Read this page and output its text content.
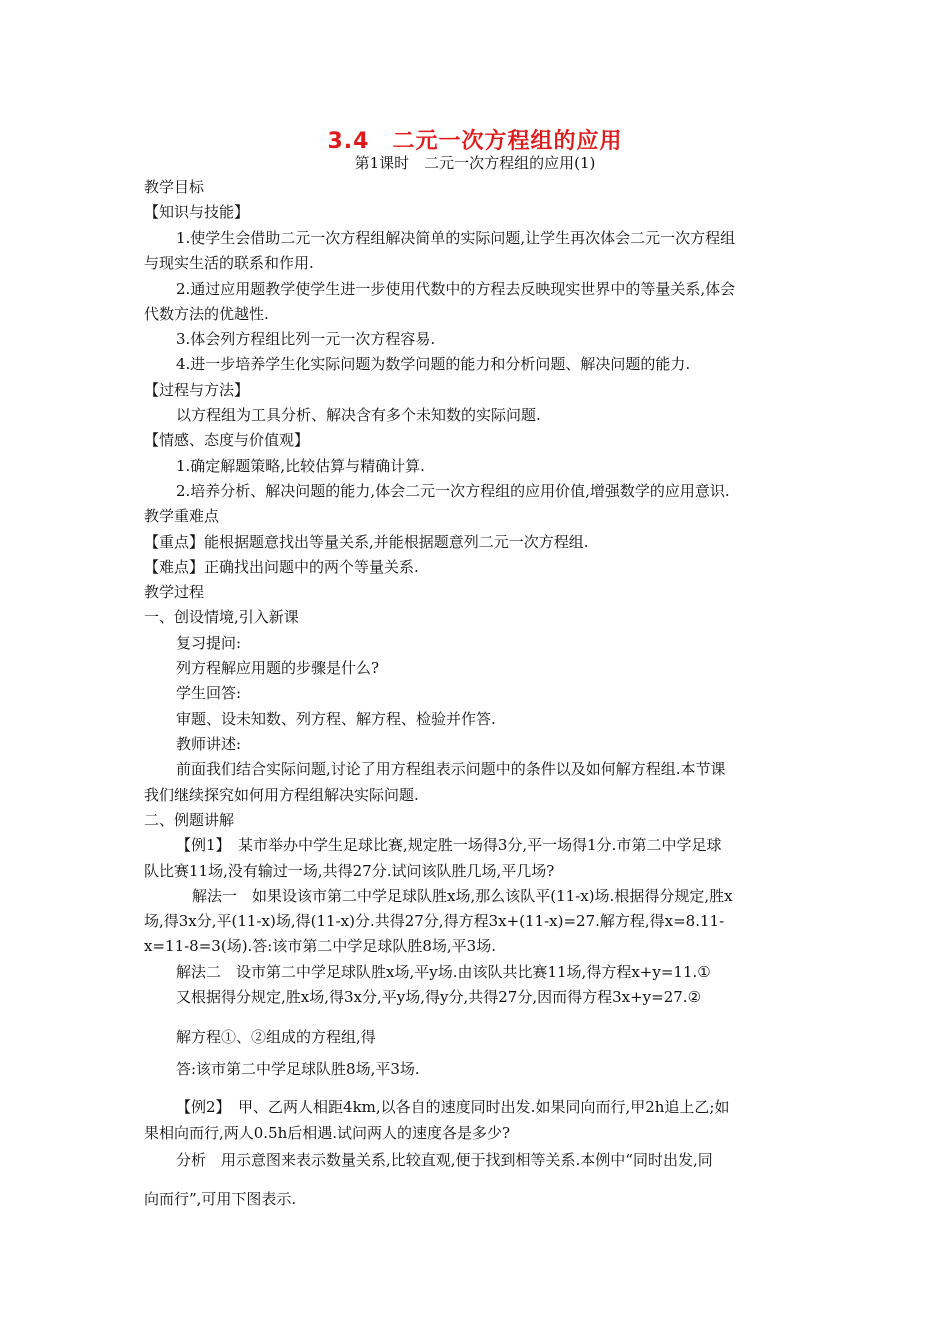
3.4　二元一次方程组的应用
第1课时　二元一次方程组的应用(1)
教学目标
【知识与技能】
1.使学生会借助二元一次方程组解决简单的实际问题,让学生再次体会二元一次方程组
与现实生活的联系和作用.
2.通过应用题教学使学生进一步使用代数中的方程去反映现实世界中的等量关系,体会
代数方法的优越性.
3.体会列方程组比列一元一次方程容易.
4.进一步培养学生化实际问题为数学问题的能力和分析问题、解决问题的能力.
【过程与方法】
以方程组为工具分析、解决含有多个未知数的实际问题.
【情感、态度与价值观】
1.确定解题策略,比较估算与精确计算.
2.培养分析、解决问题的能力,体会二元一次方程组的应用价值,增强数学的应用意识.
教学重难点
【重点】能根据题意找出等量关系,并能根据题意列二元一次方程组.
【难点】正确找出问题中的两个等量关系.
教学过程
一、创设情境,引入新课
复习提问:
列方程解应用题的步骤是什么?
学生回答:
审题、设未知数、列方程、解方程、检验并作答.
教师讲述:
前面我们结合实际问题,讨论了用方程组表示问题中的条件以及如何解方程组.本节课
我们继续探究如何用方程组解决实际问题.
二、例题讲解
【例1】　某市举办中学生足球比赛,规定胜一场得3分,平一场得1分.市第二中学足球
队比赛11场,没有输过一场,共得27分.试问该队胜几场,平几场?
解法一　如果设该市第二中学足球队胜x场,那么该队平(11-x)场.根据得分规定,胜x
场,得3x分,平(11-x)场,得(11-x)分.共得27分,得方程3x+(11-x)=27.解方程,得x=8.11-
x=11-8=3(场).答:该市第二中学足球队胜8场,平3场.
解法二　设市第二中学足球队胜x场,平y场.由该队共比赛11场,得方程x+y=11.①
又根据得分规定,胜x场,得3x分,平y场,得y分,共得27分,因而得方程3x+y=27.②
解方程①、②组成的方程组,得
答:该市第二中学足球队胜8场,平3场.
【例2】　甲、乙两人相距4km,以各自的速度同时出发.如果同向而行,甲2h追上乙;如
果相向而行,两人0.5h后相遇.试问两人的速度各是多少?
分析　用示意图来表示数量关系,比较直观,便于找到相等关系.本例中“同时出发,同
向而行”,可用下图表示.
